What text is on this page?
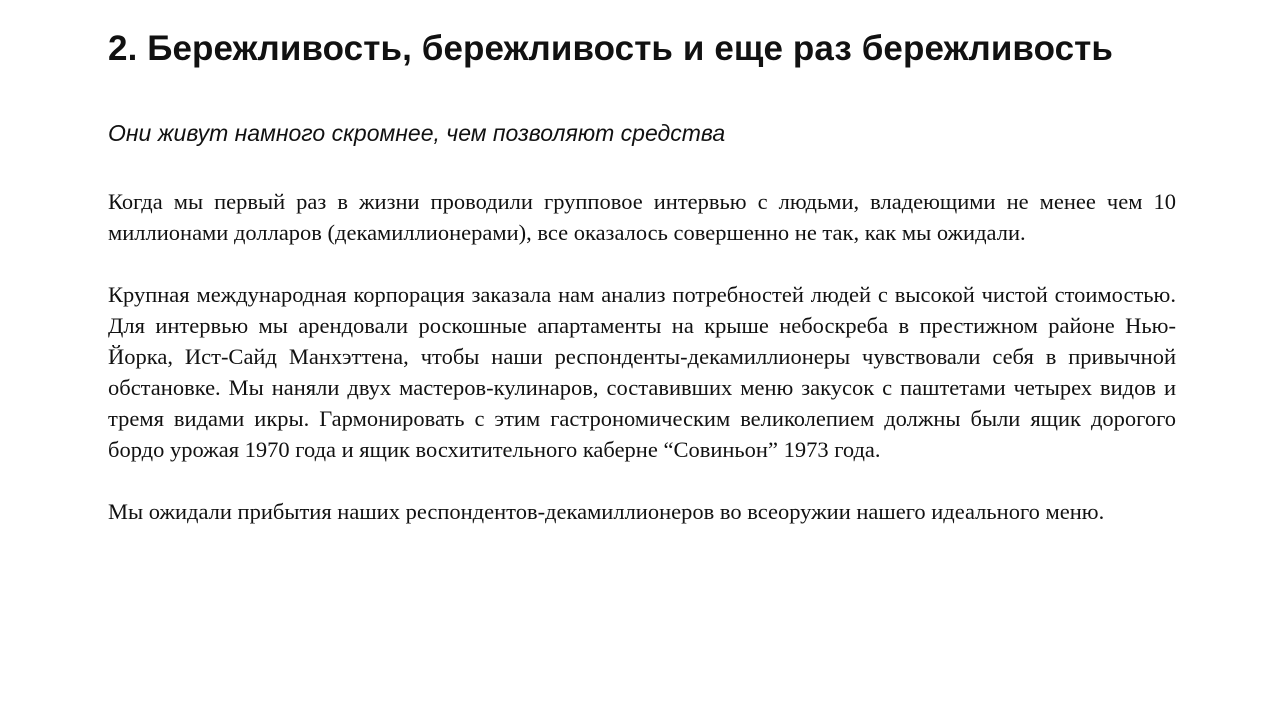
2. Бережливость, бережливость и еще раз бережливость

Они живут намного скромнее, чем позволяют средства

Когда мы первый раз в жизни проводили групповое интервью с людьми, владеющими не менее чем 10 миллионами долларов (декамиллионерами), все оказалось совершенно не так, как мы ожидали.

Крупная международная корпорация заказала нам анализ потребностей людей с высокой чистой стоимостью. Для интервью мы арендовали роскошные апартаменты на крыше небоскреба в престижном районе Нью-Йорка, Ист-Сайд Манхэттена, чтобы наши респонденты-декамиллионеры чувствовали себя в привычной обстановке. Мы наняли двух мастеров-кулинаров, составивших меню закусок с паштетами четырех видов и тремя видами икры. Гармонировать с этим гастрономическим великолепием должны были ящик дорогого бордо урожая 1970 года и ящик восхитительного каберне “Совиньон” 1973 года.

Мы ожидали прибытия наших респондентов-декамиллионеров во всеоружии нашего идеального меню.
